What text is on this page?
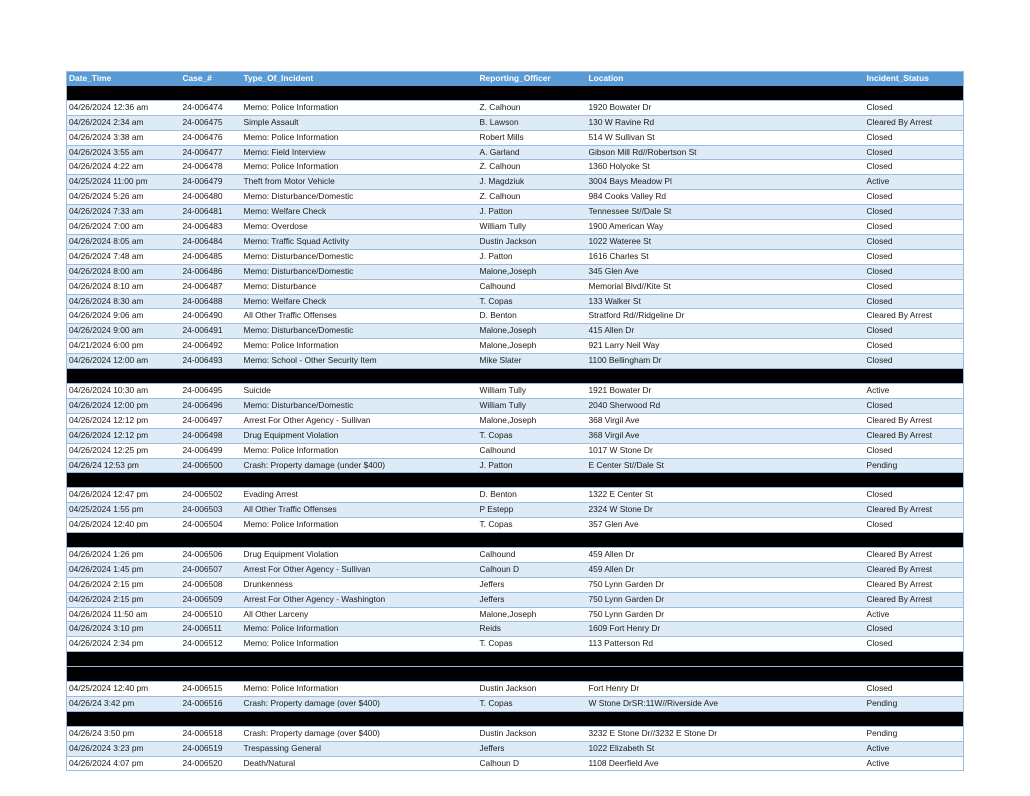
Date_Time	Case_#	Type_Of_Incident	Reporting_Officer	Location	Incident_Status

04/26/2024 12:36 am	24-006474	Memo: Police Information	Z. Calhoun	1920 Bowater Dr	Closed
04/26/2024 2:34 am	24-006475	Simple Assault	B. Lawson	130 W Ravine Rd	Cleared By Arrest
04/26/2024 3:38 am	24-006476	Memo: Police Information	Robert Mills	514 W Sullivan St	Closed
04/26/2024 3:55 am	24-006477	Memo: Field Interview	A. Garland	Gibson Mill Rd//Robertson St	Closed
04/26/2024 4:22 am	24-006478	Memo: Police Information	Z. Calhoun	1360 Holyoke St	Closed
04/25/2024 11:00 pm	24-006479	Theft from Motor Vehicle	J. Magdziuk	3004 Bays Meadow Pl	Active
04/26/2024 5:26 am	24-006480	Memo: Disturbance/Domestic	Z. Calhoun	984 Cooks Valley Rd	Closed
04/26/2024 7:33 am	24-006481	Memo: Welfare Check	J. Patton	Tennessee St//Dale St	Closed
04/26/2024 7:00 am	24-006483	Memo: Overdose	William Tully	1900 American Way	Closed
04/26/2024 8:05 am	24-006484	Memo: Traffic Squad Activity	Dustin Jackson	1022 Wateree St	Closed
04/26/2024 7:48 am	24-006485	Memo: Disturbance/Domestic	J. Patton	1616 Charles St	Closed
04/26/2024 8:00 am	24-006486	Memo: Disturbance/Domestic	Malone,Joseph	345 Glen Ave	Closed
04/26/2024 8:10 am	24-006487	Memo: Disturbance	Calhound	Memorial Blvd//Kite St	Closed
04/26/2024 8:30 am	24-006488	Memo: Welfare Check	T. Copas	133 Walker St	Closed
04/26/2024 9:06 am	24-006490	All Other Traffic Offenses	D. Benton	Stratford Rd//Ridgeline Dr	Cleared By Arrest
04/26/2024 9:00 am	24-006491	Memo: Disturbance/Domestic	Malone,Joseph	415 Allen Dr	Closed
04/21/2024 6:00 pm	24-006492	Memo: Police Information	Malone,Joseph	921 Larry Neil Way	Closed
04/26/2024 12:00 am	24-006493	Memo: School - Other Security Item	Mike Slater	1100 Bellingham Dr	Closed

04/26/2024 10:30 am	24-006495	Suicide	William Tully	1921 Bowater Dr	Active
04/26/2024 12:00 pm	24-006496	Memo: Disturbance/Domestic	William Tully	2040 Sherwood Rd	Closed
04/26/2024 12:12 pm	24-006497	Arrest For Other Agency - Sullivan	Malone,Joseph	368 Virgil Ave	Cleared By Arrest
04/26/2024 12:12 pm	24-006498	Drug Equipment Violation	T. Copas	368 Virgil Ave	Cleared By Arrest
04/26/2024 12:25 pm	24-006499	Memo: Police Information	Calhound	1017 W Stone Dr	Closed
04/26/24 12:53 pm	24-006500	Crash: Property damage (under $400)	J. Patton	E Center St//Dale St	Pending

04/26/2024 12:47 pm	24-006502	Evading Arrest	D. Benton	1322 E Center St	Closed
04/25/2024 1:55 pm	24-006503	All Other Traffic Offenses	P Estepp	2324 W Stone Dr	Cleared By Arrest
04/26/2024 12:40 pm	24-006504	Memo: Police Information	T. Copas	357 Glen Ave	Closed

04/26/2024 1:26 pm	24-006506	Drug Equipment Violation	Calhound	459 Allen Dr	Cleared By Arrest
04/26/2024 1:45 pm	24-006507	Arrest For Other Agency - Sullivan	Calhoun D	459 Allen Dr	Cleared By Arrest
04/26/2024 2:15 pm	24-006508	Drunkenness	Jeffers	750 Lynn Garden Dr	Cleared By Arrest
04/26/2024 2:15 pm	24-006509	Arrest For Other Agency - Washington	Jeffers	750 Lynn Garden Dr	Cleared By Arrest
04/26/2024 11:50 am	24-006510	All Other Larceny	Malone,Joseph	750 Lynn Garden Dr	Active
04/26/2024 3:10 pm	24-006511	Memo: Police Information	Reids	1609 Fort Henry Dr	Closed
04/26/2024 2:34 pm	24-006512	Memo: Police Information	T. Copas	113 Patterson Rd	Closed

04/25/2024 12:40 pm	24-006515	Memo: Police Information	Dustin Jackson	Fort Henry Dr	Closed
04/26/24 3:42 pm	24-006516	Crash: Property damage (over $400)	T. Copas	W Stone DrSR:11W//Riverside Ave	Pending

04/26/24 3:50 pm	24-006518	Crash: Property damage (over $400)	Dustin Jackson	3232 E Stone Dr//3232 E Stone Dr	Pending
04/26/2024 3:23 pm	24-006519	Trespassing General	Jeffers	1022 Elizabeth St	Active
04/26/2024 4:07 pm	24-006520	Death/Natural	Calhoun D	1108 Deerfield Ave	Active
